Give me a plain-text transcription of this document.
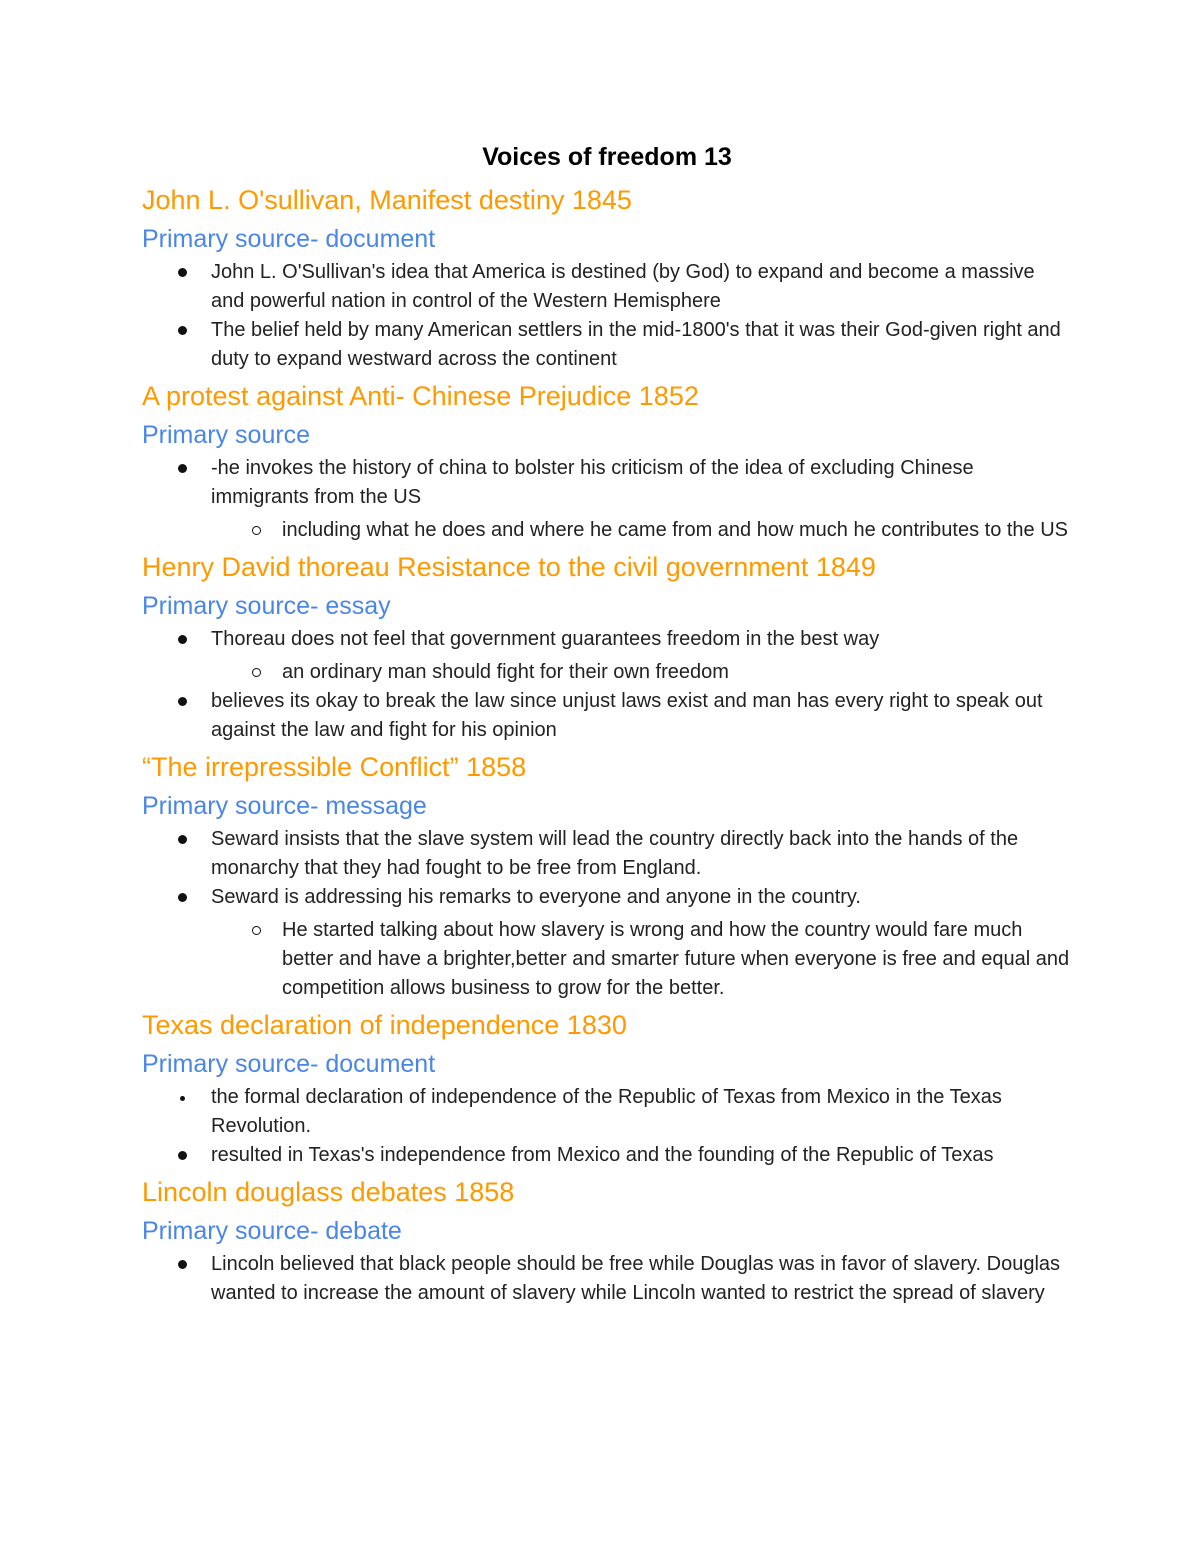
Voices of freedom 13
John L. O'sullivan, Manifest destiny 1845
Primary source- document
John L. O'Sullivan's idea that America is destined (by God) to expand and become a massive and powerful nation in control of the Western Hemisphere
The belief held by many American settlers in the mid-1800's that it was their God-given right and duty to expand westward across the continent
A protest against Anti- Chinese Prejudice 1852
Primary source
-he invokes the history of china to bolster his criticism of the idea of excluding Chinese immigrants from the US
including what he does and where he came from and how much he contributes to the US
Henry David thoreau Resistance to the civil government 1849
Primary source- essay
Thoreau does not feel that government guarantees freedom in the best way
an ordinary man should fight for their own freedom
believes its okay to break the law since unjust laws exist and man has every right to speak out against the law and fight for his opinion
“The irrepressible Conflict” 1858
Primary source- message
Seward insists that the slave system will lead the country directly back into the hands of the monarchy that they had fought to be free from England.
Seward is addressing his remarks to everyone and anyone in the country.
He started talking about how slavery is wrong and how the country would fare much better and have a brighter,better and smarter future when everyone is free and equal and competition allows business to grow for the better.
Texas declaration of independence 1830
Primary source- document
the formal declaration of independence of the Republic of Texas from Mexico in the Texas Revolution.
resulted in Texas's independence from Mexico and the founding of the Republic of Texas
Lincoln douglass debates 1858
Primary source- debate
Lincoln believed that black people should be free while Douglas was in favor of slavery. Douglas wanted to increase the amount of slavery while Lincoln wanted to restrict the spread of slavery
